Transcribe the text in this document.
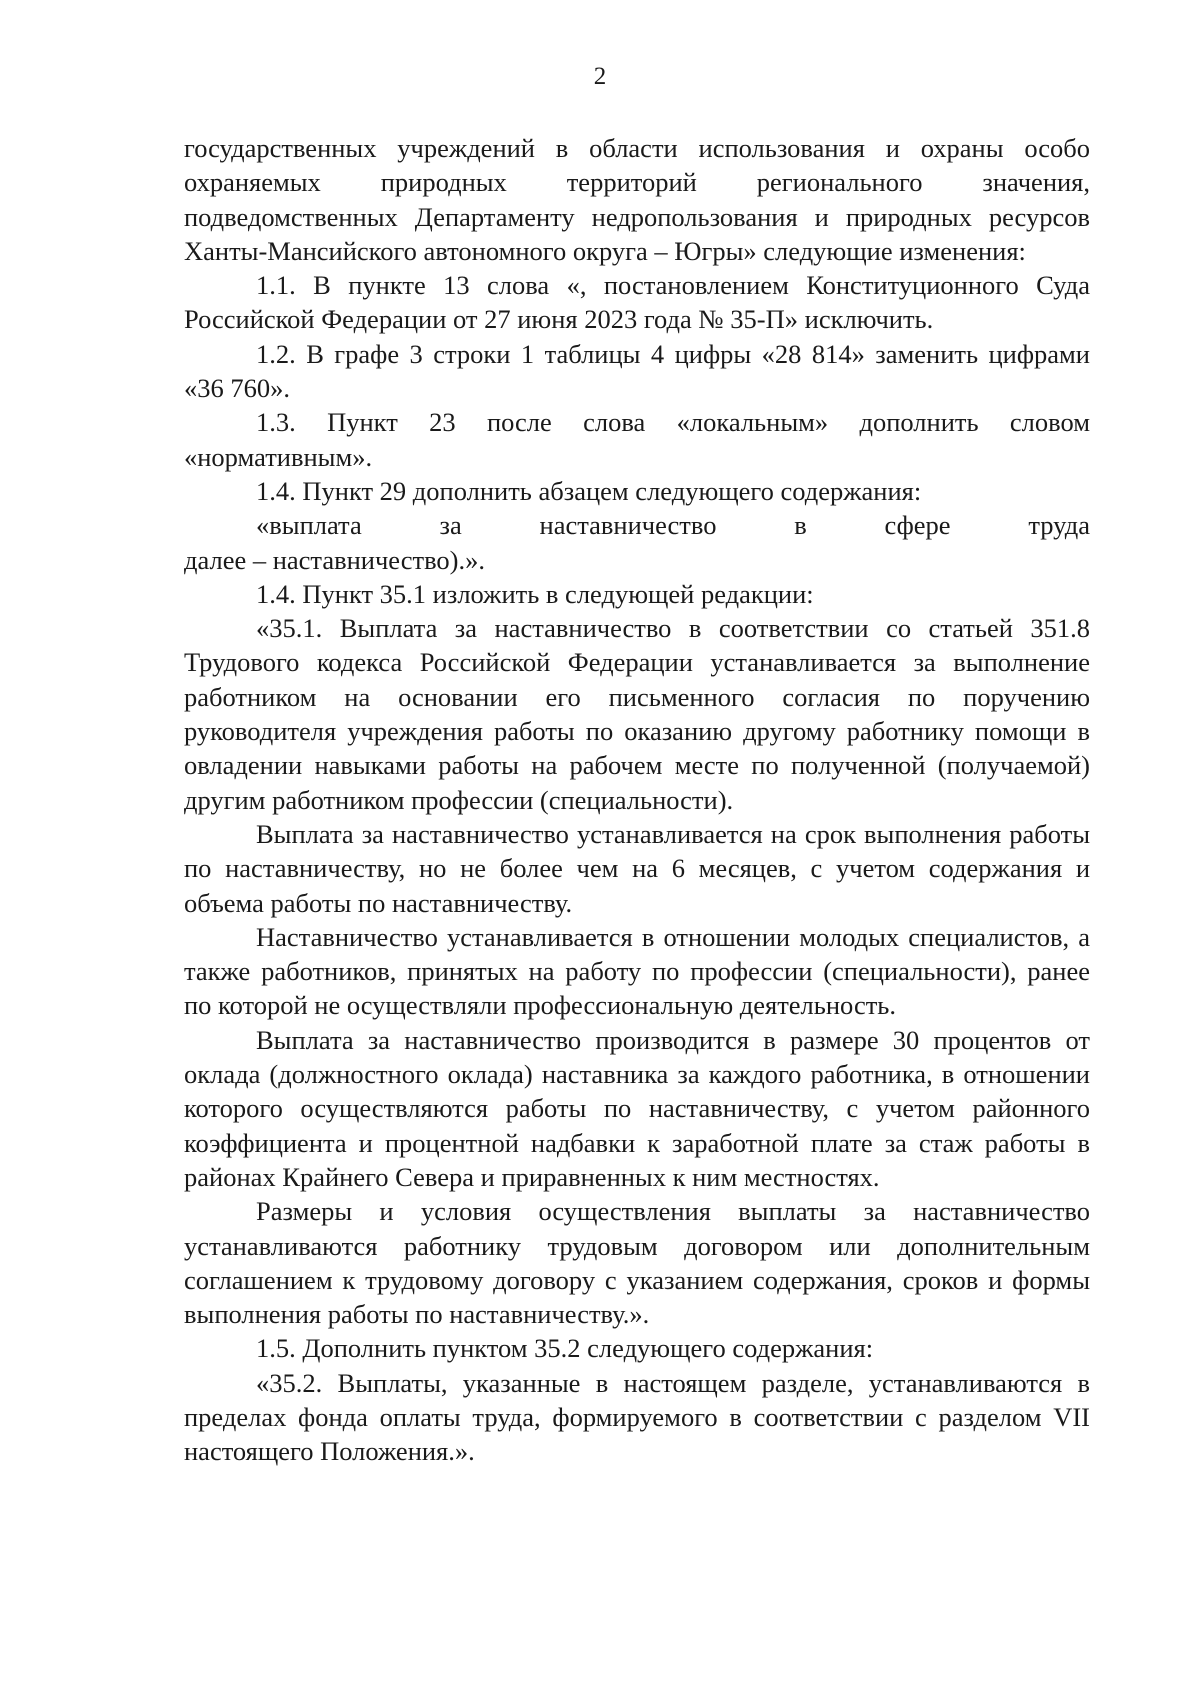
2

государственных учреждений в области использования и охраны особо охраняемых природных территорий регионального значения, подведомственных Департаменту недропользования и природных ресурсов Ханты-Мансийского автономного округа – Югры» следующие изменения:

1.1. В пункте 13 слова «, постановлением Конституционного Суда Российской Федерации от 27 июня 2023 года № 35-П» исключить.

1.2. В графе 3 строки 1 таблицы 4 цифры «28 814» заменить цифрами «36 760».

1.3. Пункт 23 после слова «локальным» дополнить словом «нормативным».

1.4. Пункт 29 дополнить абзацем следующего содержания:

«выплата за наставничество в сфере труда

далее – наставничество).».

1.4. Пункт 35.1 изложить в следующей редакции:

«35.1. Выплата за наставничество в соответствии со статьей 351.8 Трудового кодекса Российской Федерации устанавливается за выполнение работником на основании его письменного согласия по поручению руководителя учреждения работы по оказанию другому работнику помощи в овладении навыками работы на рабочем месте по полученной (получаемой) другим работником профессии (специальности).

Выплата за наставничество устанавливается на срок выполнения работы по наставничеству, но не более чем на 6 месяцев, с учетом содержания и объема работы по наставничеству.

Наставничество устанавливается в отношении молодых специалистов, а также работников, принятых на работу по профессии (специальности), ранее по которой не осуществляли профессиональную деятельность.

Выплата за наставничество производится в размере 30 процентов от оклада (должностного оклада) наставника за каждого работника, в отношении которого осуществляются работы по наставничеству, с учетом районного коэффициента и процентной надбавки к заработной плате за стаж работы в районах Крайнего Севера и приравненных к ним местностях.

Размеры и условия осуществления выплаты за наставничество устанавливаются работнику трудовым договором или дополнительным соглашением к трудовому договору с указанием содержания, сроков и формы выполнения работы по наставничеству.».

1.5. Дополнить пунктом 35.2 следующего содержания:

«35.2. Выплаты, указанные в настоящем разделе, устанавливаются в пределах фонда оплаты труда, формируемого в соответствии с разделом VII настоящего Положения.».
